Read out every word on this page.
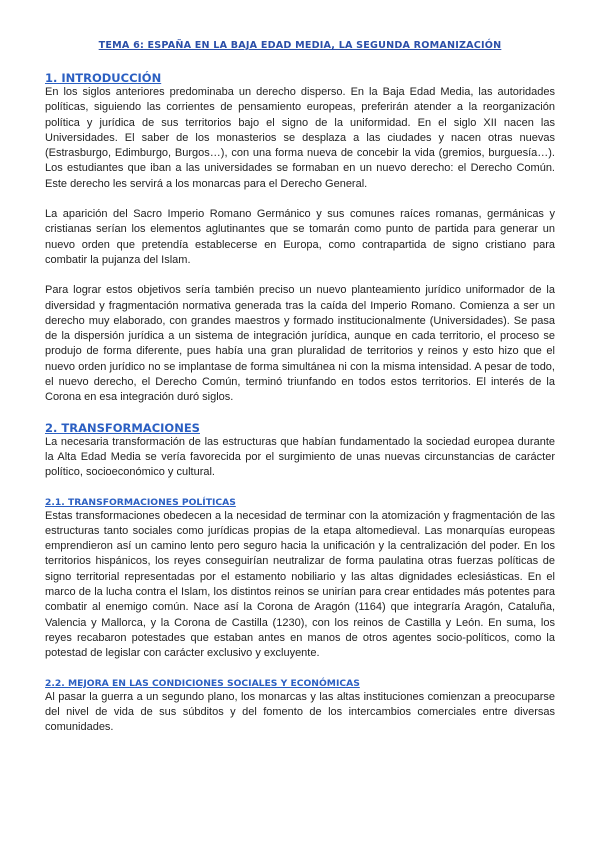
TEMA 6: ESPAÑA EN LA BAJA EDAD MEDIA, LA SEGUNDA ROMANIZACIÓN
1. INTRODUCCIÓN

En los siglos anteriores predominaba un derecho disperso. En la Baja Edad Media, las autoridades políticas, siguiendo las corrientes de pensamiento europeas, preferirán atender a la reorganización política y jurídica de sus territorios bajo el signo de la uniformidad. En el siglo XII nacen las Universidades. El saber de los monasterios se desplaza a las ciudades y nacen otras nuevas (Estrasburgo, Edimburgo, Burgos…), con una forma nueva de concebir la vida (gremios, burguesía…). Los estudiantes que iban a las universidades se formaban en un nuevo derecho: el Derecho Común. Este derecho les servirá a los monarcas para el Derecho General.

La aparición del Sacro Imperio Romano Germánico y sus comunes raíces romanas, germánicas y cristianas serían los elementos aglutinantes que se tomarán como punto de partida para generar un nuevo orden que pretendía establecerse en Europa, como contrapartida de signo cristiano para combatir la pujanza del Islam.

Para lograr estos objetivos sería también preciso un nuevo planteamiento jurídico uniformador de la diversidad y fragmentación normativa generada tras la caída del Imperio Romano. Comienza a ser un derecho muy elaborado, con grandes maestros y formado institucionalmente (Universidades). Se pasa de la dispersión jurídica a un sistema de integración jurídica, aunque en cada territorio, el proceso se produjo de forma diferente, pues había una gran pluralidad de territorios y reinos y esto hizo que el nuevo orden jurídico no se implantase de forma simultánea ni con la misma intensidad. A pesar de todo, el nuevo derecho, el Derecho Común, terminó triunfando en todos estos territorios. El interés de la Corona en esa integración duró siglos.

2. TRANSFORMACIONES

La necesaria transformación de las estructuras que habían fundamentado la sociedad europea durante la Alta Edad Media se vería favorecida por el surgimiento de unas nuevas circunstancias de carácter político, socioeconómico y cultural.

2.1. TRANSFORMACIONES POLÍTICAS

Estas transformaciones obedecen a la necesidad de terminar con la atomización y fragmentación de las estructuras tanto sociales como jurídicas propias de la etapa altomedieval. Las monarquías europeas emprendieron así un camino lento pero seguro hacia la unificación y la centralización del poder. En los territorios hispánicos, los reyes conseguirían neutralizar de forma paulatina otras fuerzas políticas de signo territorial representadas por el estamento nobiliario y las altas dignidades eclesiásticas. En el marco de la lucha contra el Islam, los distintos reinos se unirían para crear entidades más potentes para combatir al enemigo común. Nace así la Corona de Aragón (1164) que integraría Aragón, Cataluña, Valencia y Mallorca, y la Corona de Castilla (1230), con los reinos de Castilla y León. En suma, los reyes recabaron potestades que estaban antes en manos de otros agentes socio-políticos, como la potestad de legislar con carácter exclusivo y excluyente.

2.2. MEJORA EN LAS CONDICIONES SOCIALES Y ECONÓMICAS

Al pasar la guerra a un segundo plano, los monarcas y las altas instituciones comienzan a preocuparse del nivel de vida de sus súbditos y del fomento de los intercambios comerciales entre diversas comunidades.
